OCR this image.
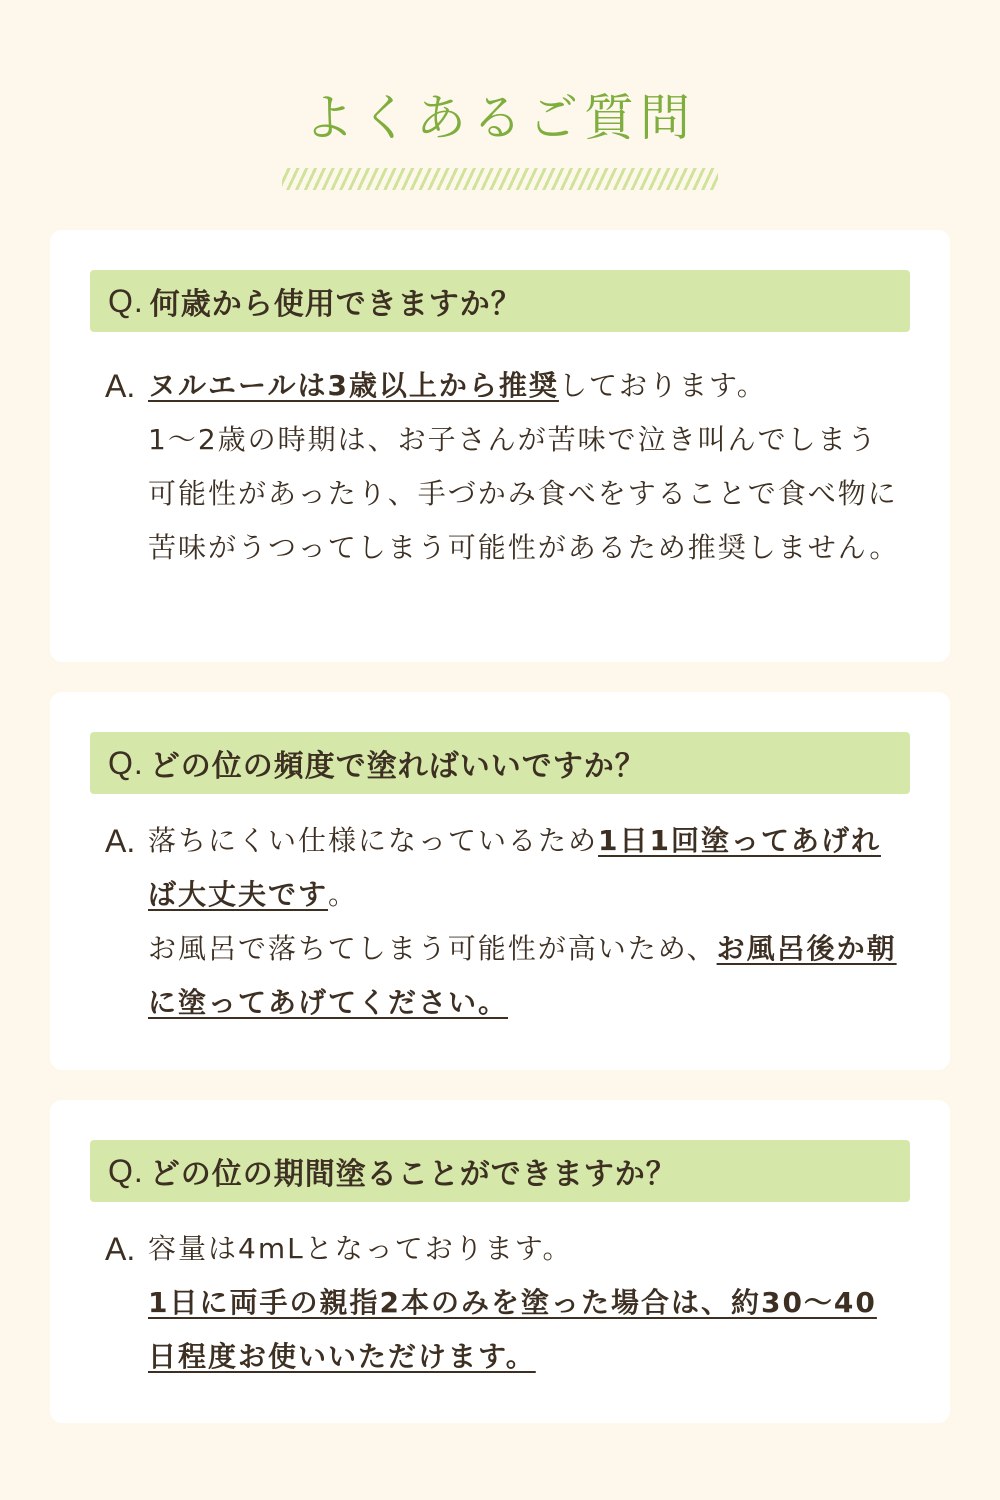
よくあるご質問
Q. 何歳から使用できますか？
A. ヌルエールは3歳以上から推奨しております。
1〜2歳の時期は、お子さんが苦味で泣き叫んでしまう可能性があったり、手づかみ食べをすることで食べ物に苦味がうつってしまう可能性があるため推奨しません。
Q. どの位の頻度で塗ればいいですか？
A. 落ちにくい仕様になっているため1日1回塗ってあげれば大丈夫です。
お風呂で落ちてしまう可能性が高いため、お風呂後か朝に塗ってあげてください。
Q. どの位の期間塗ることができますか？
A. 容量は4mLとなっております。
1日に両手の親指2本のみを塗った場合は、約30〜40日程度お使いいただけます。
